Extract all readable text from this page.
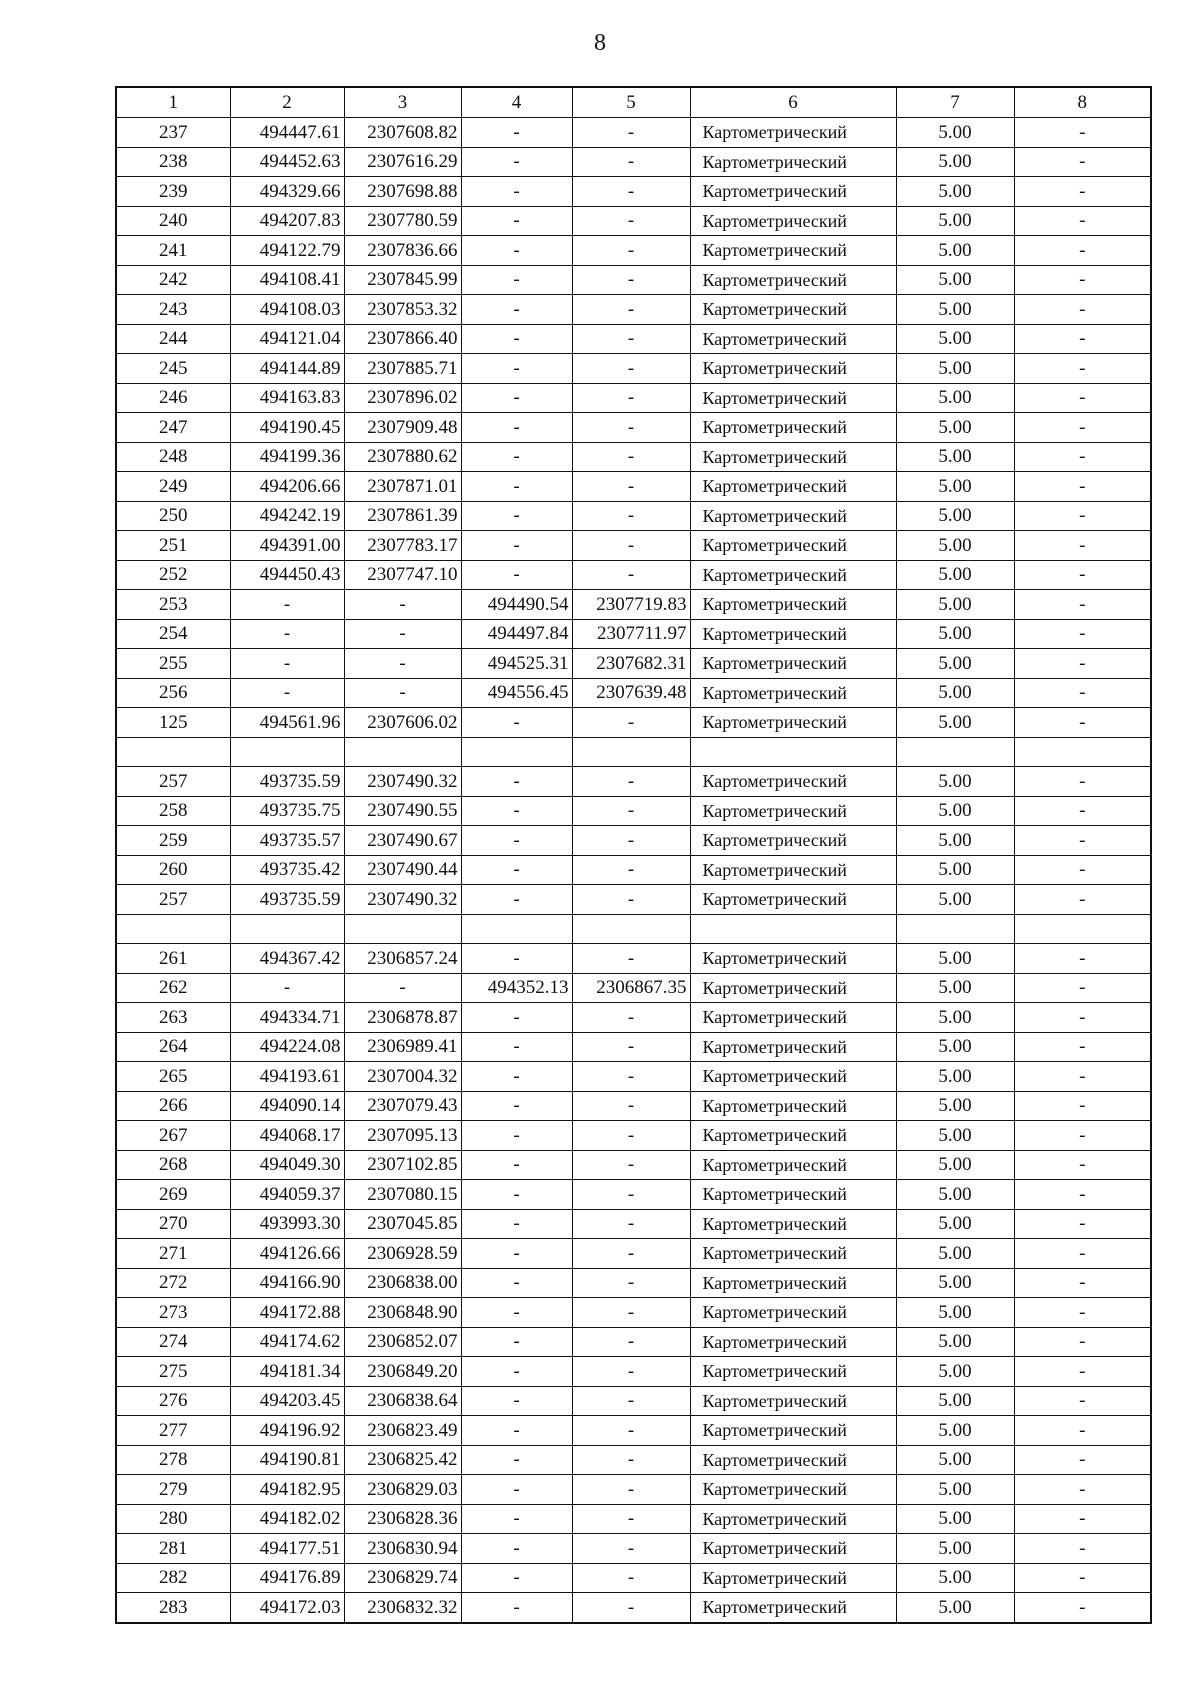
8
1	2	3	4	5	6	7	8
237	494447.61	2307608.82	-	-	Картометрический	5.00	-
238	494452.63	2307616.29	-	-	Картометрический	5.00	-
239	494329.66	2307698.88	-	-	Картометрический	5.00	-
240	494207.83	2307780.59	-	-	Картометрический	5.00	-
241	494122.79	2307836.66	-	-	Картометрический	5.00	-
242	494108.41	2307845.99	-	-	Картометрический	5.00	-
243	494108.03	2307853.32	-	-	Картометрический	5.00	-
244	494121.04	2307866.40	-	-	Картометрический	5.00	-
245	494144.89	2307885.71	-	-	Картометрический	5.00	-
246	494163.83	2307896.02	-	-	Картометрический	5.00	-
247	494190.45	2307909.48	-	-	Картометрический	5.00	-
248	494199.36	2307880.62	-	-	Картометрический	5.00	-
249	494206.66	2307871.01	-	-	Картометрический	5.00	-
250	494242.19	2307861.39	-	-	Картометрический	5.00	-
251	494391.00	2307783.17	-	-	Картометрический	5.00	-
252	494450.43	2307747.10	-	-	Картометрический	5.00	-
253	-	-	494490.54	2307719.83	Картометрический	5.00	-
254	-	-	494497.84	2307711.97	Картометрический	5.00	-
255	-	-	494525.31	2307682.31	Картометрический	5.00	-
256	-	-	494556.45	2307639.48	Картометрический	5.00	-
125	494561.96	2307606.02	-	-	Картометрический	5.00	-

257	493735.59	2307490.32	-	-	Картометрический	5.00	-
258	493735.75	2307490.55	-	-	Картометрический	5.00	-
259	493735.57	2307490.67	-	-	Картометрический	5.00	-
260	493735.42	2307490.44	-	-	Картометрический	5.00	-
257	493735.59	2307490.32	-	-	Картометрический	5.00	-

261	494367.42	2306857.24	-	-	Картометрический	5.00	-
262	-	-	494352.13	2306867.35	Картометрический	5.00	-
263	494334.71	2306878.87	-	-	Картометрический	5.00	-
264	494224.08	2306989.41	-	-	Картометрический	5.00	-
265	494193.61	2307004.32	-	-	Картометрический	5.00	-
266	494090.14	2307079.43	-	-	Картометрический	5.00	-
267	494068.17	2307095.13	-	-	Картометрический	5.00	-
268	494049.30	2307102.85	-	-	Картометрический	5.00	-
269	494059.37	2307080.15	-	-	Картометрический	5.00	-
270	493993.30	2307045.85	-	-	Картометрический	5.00	-
271	494126.66	2306928.59	-	-	Картометрический	5.00	-
272	494166.90	2306838.00	-	-	Картометрический	5.00	-
273	494172.88	2306848.90	-	-	Картометрический	5.00	-
274	494174.62	2306852.07	-	-	Картометрический	5.00	-
275	494181.34	2306849.20	-	-	Картометрический	5.00	-
276	494203.45	2306838.64	-	-	Картометрический	5.00	-
277	494196.92	2306823.49	-	-	Картометрический	5.00	-
278	494190.81	2306825.42	-	-	Картометрический	5.00	-
279	494182.95	2306829.03	-	-	Картометрический	5.00	-
280	494182.02	2306828.36	-	-	Картометрический	5.00	-
281	494177.51	2306830.94	-	-	Картометрический	5.00	-
282	494176.89	2306829.74	-	-	Картометрический	5.00	-
283	494172.03	2306832.32	-	-	Картометрический	5.00	-
